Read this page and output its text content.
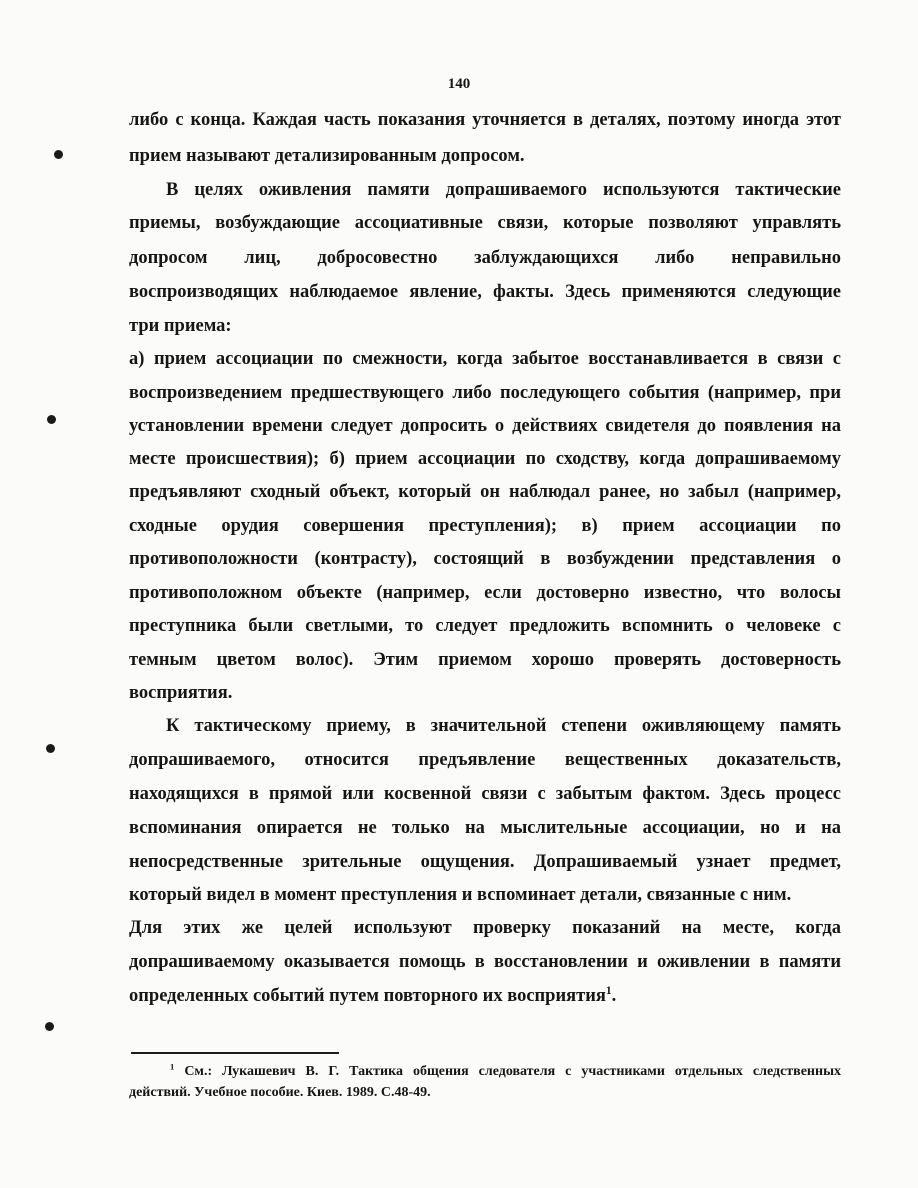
140
либо с конца. Каждая часть показания уточняется в деталях, поэтому иногда этот
прием называют детализированным допросом.
В целях оживления памяти допрашиваемого используются тактические
приемы, возбуждающие ассоциативные связи, которые позволяют управлять
допросом лиц, добросовестно заблуждающихся либо неправильно
воспроизводящих наблюдаемое явление, факты. Здесь применяются следующие
три приема:
а) прием ассоциации по смежности, когда забытое восстанавливается в связи с
воспроизведением предшествующего либо последующего события (например, при
установлении времени следует допросить о действиях свидетеля до появления на
месте происшествия); б) прием ассоциации по сходству, когда допрашиваемому
предъявляют сходный объект, который он наблюдал ранее, но забыл (например,
сходные орудия совершения преступления); в) прием ассоциации по
противоположности (контрасту), состоящий в возбуждении представления о
противоположном объекте (например, если достоверно известно, что волосы
преступника были светлыми, то следует предложить вспомнить о человеке с
темным цветом волос). Этим приемом хорошо проверять достоверность
восприятия.
К тактическому приему, в значительной степени оживляющему память
допрашиваемого, относится предъявление вещественных доказательств,
находящихся в прямой или косвенной связи с забытым фактом. Здесь процесс
вспоминания опирается не только на мыслительные ассоциации, но и на
непосредственные зрительные ощущения. Допрашиваемый узнает предмет,
который видел в момент преступления и вспоминает детали, связанные с ним.
Для этих же целей используют проверку показаний на месте, когда
допрашиваемому оказывается помощь в восстановлении и оживлении в памяти
определенных событий путем повторного их восприятия$^1$.
$^1$ См.: Лукашевич В. Г. Тактика общения следователя с участниками отдельных следственных
действий. Учебное пособие. Киев. 1989. С.48-49.
